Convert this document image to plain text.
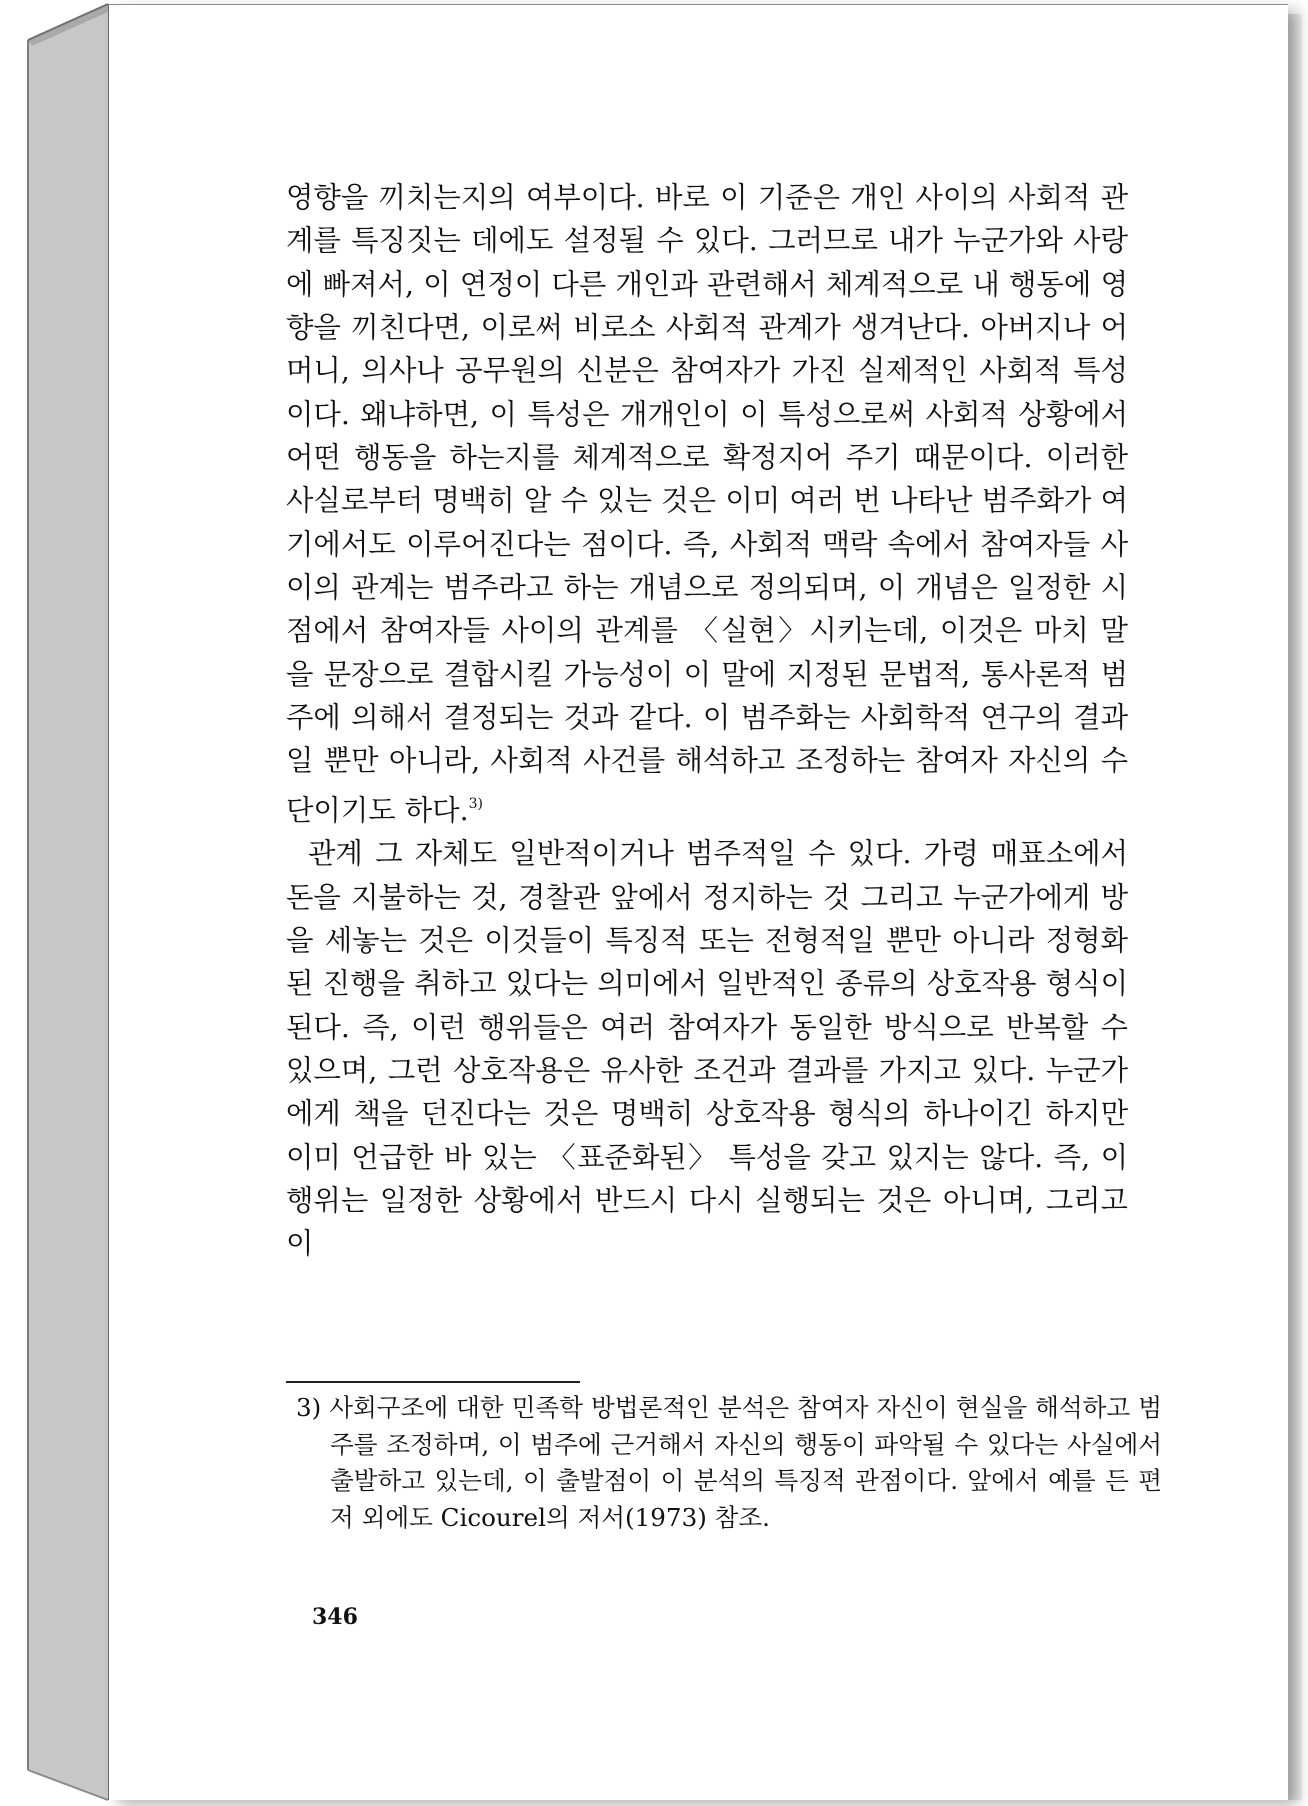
영향을 끼치는지의 여부이다. 바로 이 기준은 개인 사이의 사회적 관계를 특징짓는 데에도 설정될 수 있다. 그러므로 내가 누군가와 사랑에 빠져서, 이 연정이 다른 개인과 관련해서 체계적으로 내 행동에 영향을 끼친다면, 이로써 비로소 사회적 관계가 생겨난다. 아버지나 어머니, 의사나 공무원의 신분은 참여자가 가진 실제적인 사회적 특성이다. 왜냐하면, 이 특성은 개개인이 이 특성으로써 사회적 상황에서 어떤 행동을 하는지를 체계적으로 확정지어 주기 때문이다. 이러한 사실로부터 명백히 알 수 있는 것은 이미 여러 번 나타난 범주화가 여기에서도 이루어진다는 점이다. 즉, 사회적 맥락 속에서 참여자들 사이의 관계는 범주라고 하는 개념으로 정의되며, 이 개념은 일정한 시점에서 참여자들 사이의 관계를 〈실현〉시키는데, 이것은 마치 말을 문장으로 결합시킬 가능성이 이 말에 지정된 문법적, 통사론적 범주에 의해서 결정되는 것과 같다. 이 범주화는 사회학적 연구의 결과일 뿐만 아니라, 사회적 사건를 해석하고 조정하는 참여자 자신의 수단이기도 하다.$^{3)}$

관계 그 자체도 일반적이거나 범주적일 수 있다. 가령 매표소에서 돈을 지불하는 것, 경찰관 앞에서 정지하는 것 그리고 누군가에게 방을 세놓는 것은 이것들이 특징적 또는 전형적일 뿐만 아니라 정형화된 진행을 취하고 있다는 의미에서 일반적인 종류의 상호작용 형식이 된다. 즉, 이런 행위들은 여러 참여자가 동일한 방식으로 반복할 수 있으며, 그런 상호작용은 유사한 조건과 결과를 가지고 있다. 누군가에게 책을 던진다는 것은 명백히 상호작용 형식의 하나이긴 하지만 이미 언급한 바 있는 〈표준화된〉 특성을 갖고 있지는 않다. 즉, 이 행위는 일정한 상황에서 반드시 다시 실행되는 것은 아니며, 그리고 이

3) 사회구조에 대한 민족학 방법론적인 분석은 참여자 자신이 현실을 해석하고 범주를 조정하며, 이 범주에 근거해서 자신의 행동이 파악될 수 있다는 사실에서 출발하고 있는데, 이 출발점이 이 분석의 특징적 관점이다. 앞에서 예를 든 편저 외에도 Cicourel의 저서(1973) 참조.

346
